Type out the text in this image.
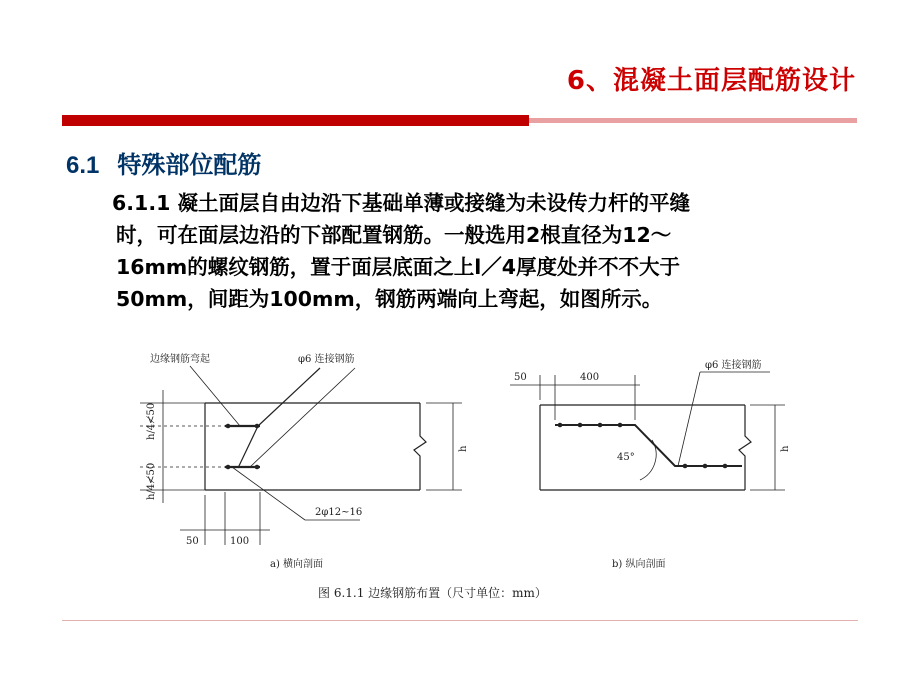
6、混凝土面层配筋设计
6.1 特殊部位配筋
6.1.1 凝土面层自由边沿下基础单薄或接缝为未设传力杆的平缝
时，可在面层边沿的下部配置钢筋。一般选用2根直径为12～
16mm的螺纹钢筋，置于面层底面之上l／4厚度处并不不大于
50mm，间距为100mm，钢筋两端向上弯起，如图所示。
边缘钢筋弯起	φ6 连接钢筋
h/4≮50
h/4≮50
h
2φ12~16
50	100
a) 横向剖面
50	400
φ6 连接钢筋
45°
h
b) 纵向剖面
图 6.1.1 边缘钢筋布置（尺寸单位：mm）
